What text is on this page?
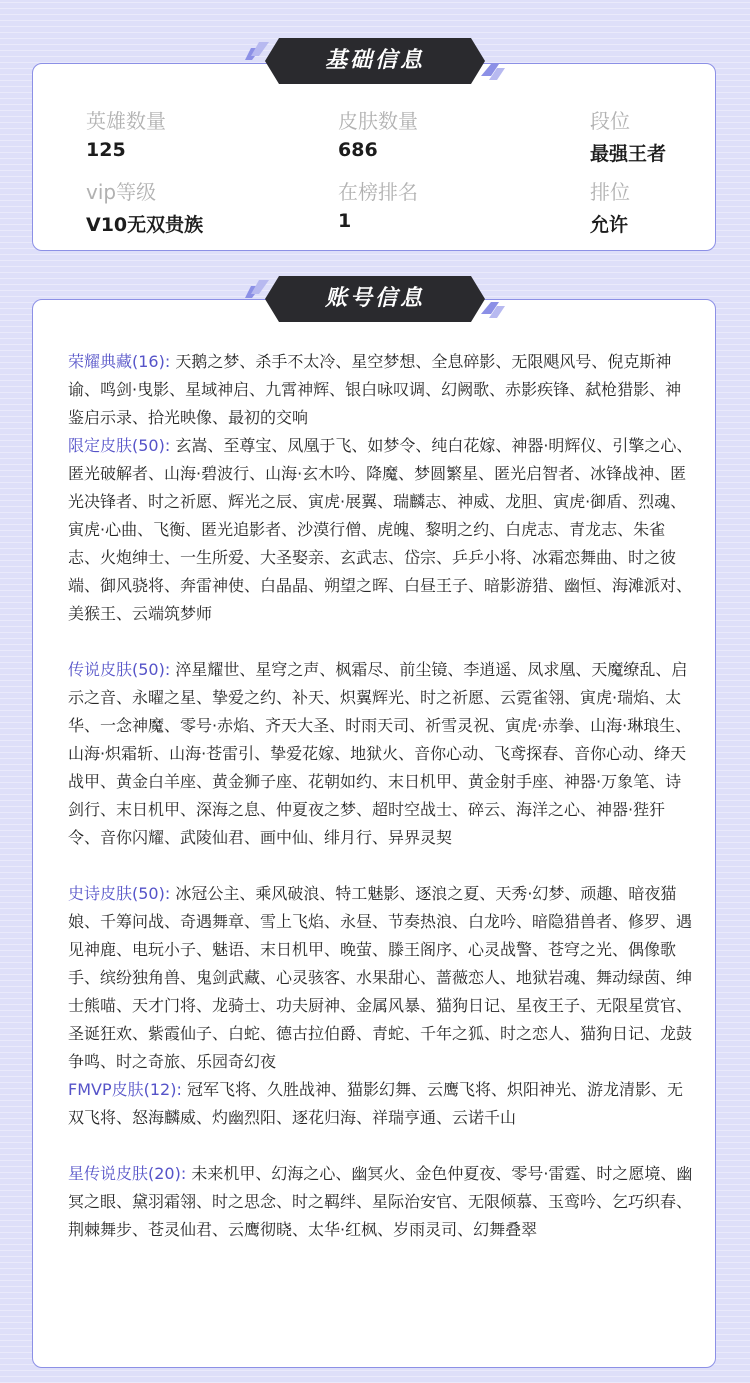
基础信息
英雄数量
125
皮肤数量
686
段位
最强王者
vip等级
V10无双贵族
在榜排名
1
排位
允许
账号信息
荣耀典藏(16): 天鹅之梦、杀手不太冷、星空梦想、全息碎影、无限飓风号、倪克斯神谕、鸣剑·曳影、星域神启、九霄神辉、银白咏叹调、幻阙歌、赤影疾锋、弑枪猎影、神鉴启示录、拾光映像、最初的交响
限定皮肤(50): 玄嵩、至尊宝、凤凰于飞、如梦令、纯白花嫁、神器·明辉仪、引擎之心、匿光破解者、山海·碧波行、山海·玄木吟、降魔、梦圆繁星、匿光启智者、冰锋战神、匿光决锋者、时之祈愿、辉光之辰、寅虎·展翼、瑞麟志、神威、龙胆、寅虎·御盾、烈魂、寅虎·心曲、飞衡、匿光追影者、沙漠行僧、虎魄、黎明之约、白虎志、青龙志、朱雀志、火炮绅士、一生所爱、大圣娶亲、玄武志、岱宗、乒乒小将、冰霜恋舞曲、时之彼端、御风骁将、奔雷神使、白晶晶、朔望之晖、白昼王子、暗影游猎、幽恒、海滩派对、美猴王、云端筑梦师
传说皮肤(50): 淬星耀世、星穹之声、枫霜尽、前尘镜、李逍遥、凤求凰、天魔缭乱、启示之音、永曜之星、挚爱之约、补天、炽翼辉光、时之祈愿、云霓雀翎、寅虎·瑞焰、太华、一念神魔、零号·赤焰、齐天大圣、时雨天司、祈雪灵祝、寅虎·赤拳、山海·琳琅生、山海·炽霜斩、山海·苍雷引、挚爱花嫁、地狱火、音你心动、飞鸢探春、音你心动、绛天战甲、黄金白羊座、黄金狮子座、花朝如约、末日机甲、黄金射手座、神器·万象笔、诗剑行、末日机甲、深海之息、仲夏夜之梦、超时空战士、碎云、海洋之心、神器·狴犴令、音你闪耀、武陵仙君、画中仙、绯月行、异界灵契
史诗皮肤(50): 冰冠公主、乘风破浪、特工魅影、逐浪之夏、天秀·幻梦、顽趣、暗夜猫娘、千筹问战、奇遇舞章、雪上飞焰、永昼、节奏热浪、白龙吟、暗隐猎兽者、修罗、遇见神鹿、电玩小子、魅语、末日机甲、晚萤、滕王阁序、心灵战警、苍穹之光、偶像歌手、缤纷独角兽、鬼剑武藏、心灵骇客、水果甜心、蔷薇恋人、地狱岩魂、舞动绿茵、绅士熊喵、天才门将、龙骑士、功夫厨神、金属风暴、猫狗日记、星夜王子、无限星赏官、圣诞狂欢、紫霞仙子、白蛇、德古拉伯爵、青蛇、千年之狐、时之恋人、猫狗日记、龙鼓争鸣、时之奇旅、乐园奇幻夜
FMVP皮肤(12): 冠军飞将、久胜战神、猫影幻舞、云鹰飞将、炽阳神光、游龙清影、无双飞将、怒海麟威、灼幽烈阳、逐花归海、祥瑞亨通、云诺千山
星传说皮肤(20): 未来机甲、幻海之心、幽冥火、金色仲夏夜、零号·雷霆、时之愿境、幽冥之眼、黛羽霜翎、时之思念、时之羁绊、星际治安官、无限倾慕、玉鸾吟、乞巧织春、荆棘舞步、苍灵仙君、云鹰彻晓、太华·红枫、岁雨灵司、幻舞叠翠
